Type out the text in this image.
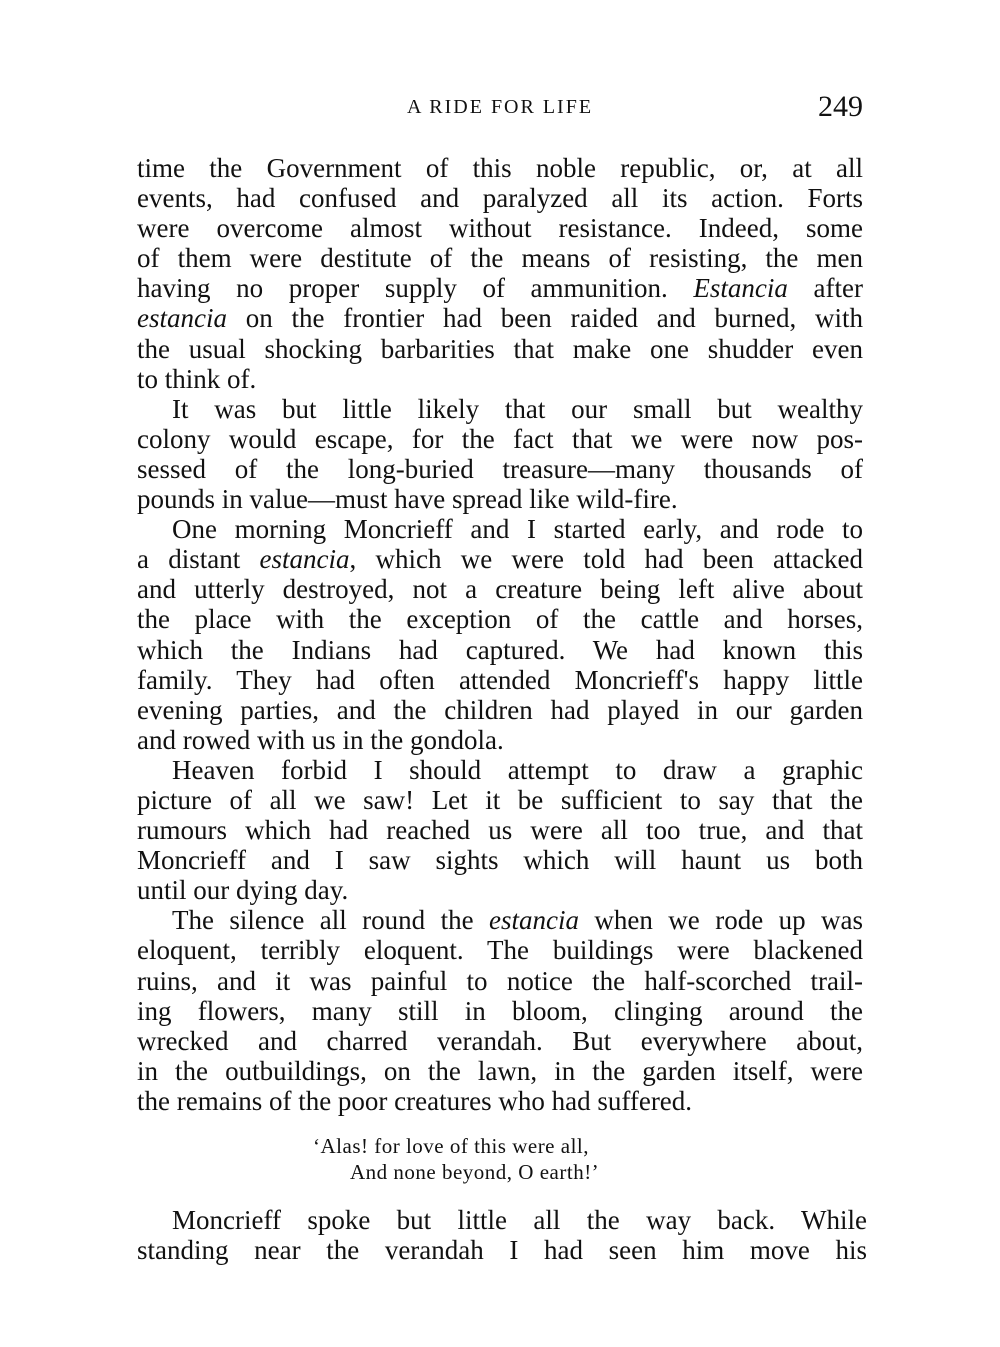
A RIDE FOR LIFE	249
time the Government of this noble republic, or, at all
events, had confused and paralyzed all its action. Forts
were overcome almost without resistance. Indeed, some
of them were destitute of the means of resisting, the men
having no proper supply of ammunition. Estancia after
estancia on the frontier had been raided and burned, with
the usual shocking barbarities that make one shudder even
to think of.
It was but little likely that our small but wealthy
colony would escape, for the fact that we were now pos-
sessed of the long-buried treasure—many thousands of
pounds in value—must have spread like wild-fire.
One morning Moncrieff and I started early, and rode to
a distant estancia, which we were told had been attacked
and utterly destroyed, not a creature being left alive about
the place with the exception of the cattle and horses,
which the Indians had captured. We had known this
family. They had often attended Moncrieff's happy little
evening parties, and the children had played in our garden
and rowed with us in the gondola.
Heaven forbid I should attempt to draw a graphic
picture of all we saw! Let it be sufficient to say that the
rumours which had reached us were all too true, and that
Moncrieff and I saw sights which will haunt us both
until our dying day.
The silence all round the estancia when we rode up was
eloquent, terribly eloquent. The buildings were blackened
ruins, and it was painful to notice the half-scorched trail-
ing flowers, many still in bloom, clinging around the
wrecked and charred verandah. But everywhere about,
in the outbuildings, on the lawn, in the garden itself, were
the remains of the poor creatures who had suffered.
‘Alas! for love of this were all,
And none beyond, O earth!’
Moncrieff spoke but little all the way back. While
standing near the verandah I had seen him move his
